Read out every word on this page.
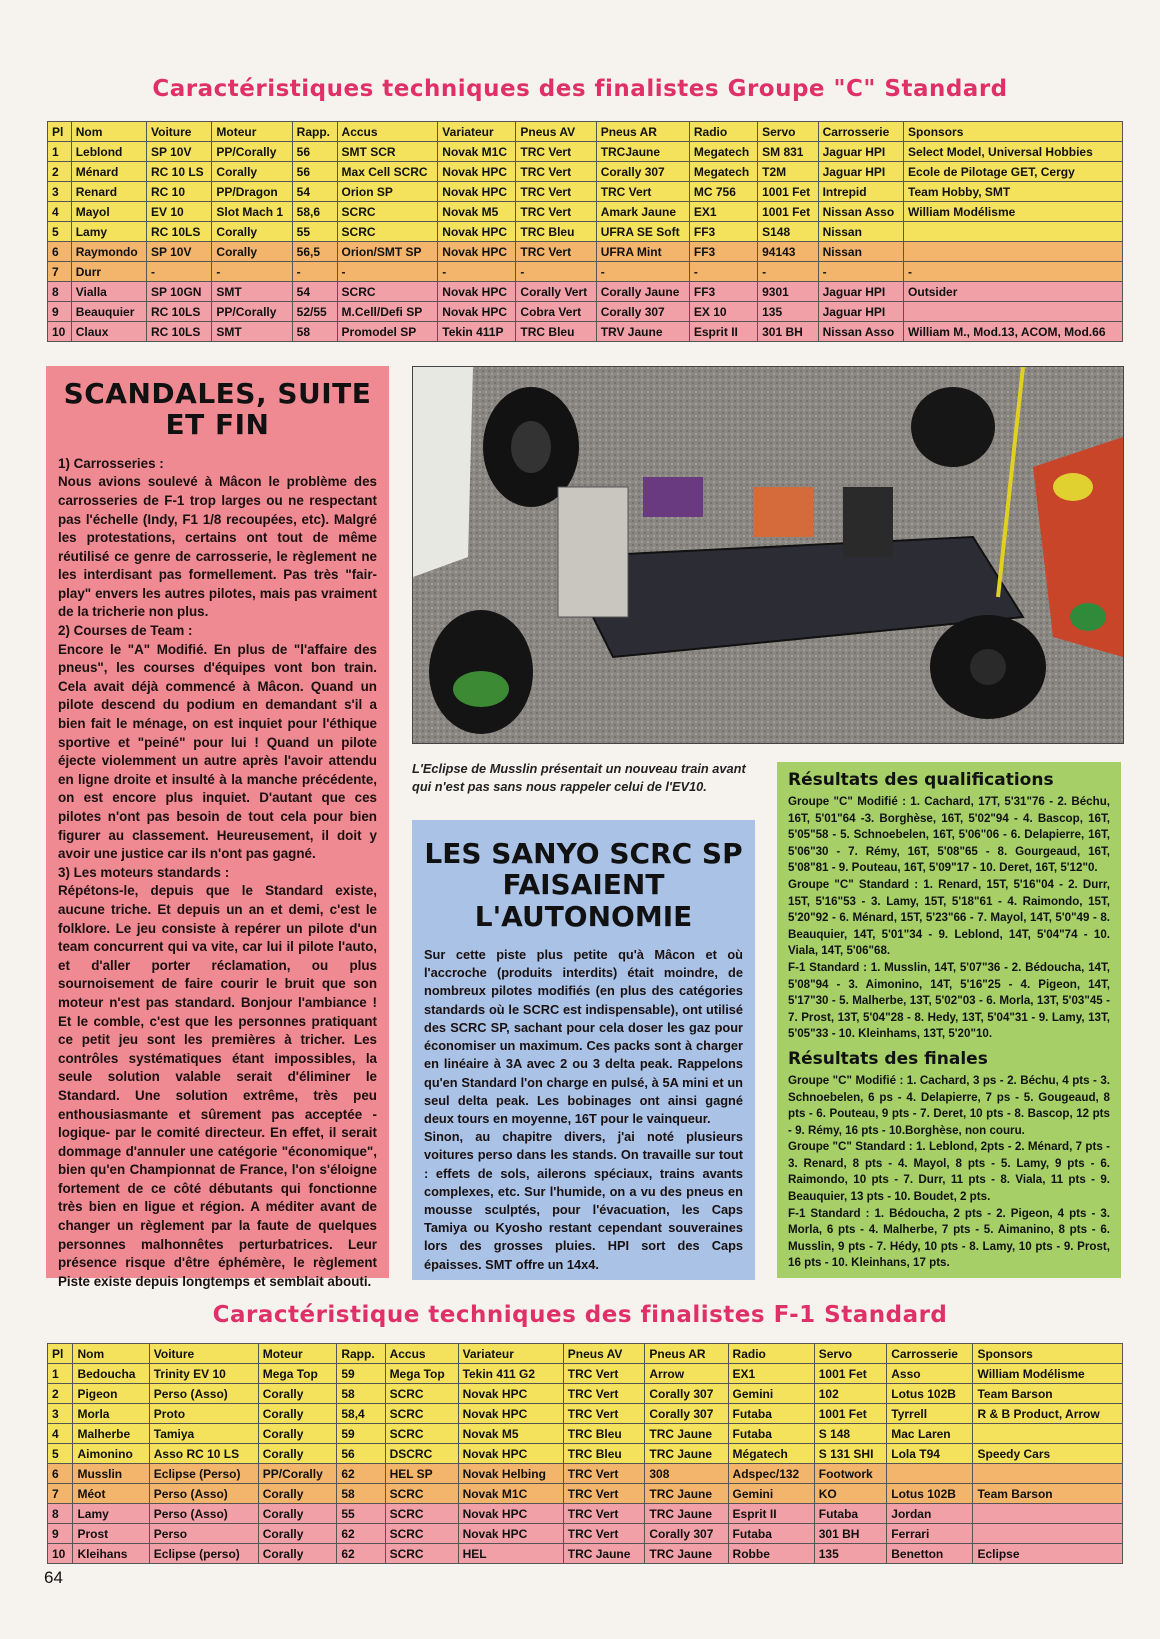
Caractéristiques techniques des finalistes Groupe "C" Standard
Pl	Nom	Voiture	Moteur	Rapp.	Accus	Variateur	Pneus AV	Pneus AR	Radio	Servo	Carrosserie	Sponsors
1	Leblond	SP 10V	PP/Corally	56	SMT SCR	Novak M1C	TRC Vert	TRCJaune	Megatech	SM 831	Jaguar HPI	Select Model, Universal Hobbies
2	Ménard	RC 10 LS	Corally	56	Max Cell SCRC	Novak HPC	TRC Vert	Corally 307	Megatech	T2M	Jaguar HPI	Ecole de Pilotage GET, Cergy
3	Renard	RC 10	PP/Dragon	54	Orion SP	Novak HPC	TRC Vert	TRC Vert	MC 756	1001 Fet	Intrepid	Team Hobby, SMT
4	Mayol	EV 10	Slot Mach 1	58,6	SCRC	Novak M5	TRC Vert	Amark Jaune	EX1	1001 Fet	Nissan Asso	William Modélisme
5	Lamy	RC 10LS	Corally	55	SCRC	Novak HPC	TRC Bleu	UFRA SE Soft	FF3	S148	Nissan	
6	Raymondo	SP 10V	Corally	56,5	Orion/SMT SP	Novak HPC	TRC Vert	UFRA Mint	FF3	94143	Nissan	
7	Durr	-	-	-	-	-	-	-	-	-	-	-
8	Vialla	SP 10GN	SMT	54	SCRC	Novak HPC	Corally Vert	Corally Jaune	FF3	9301	Jaguar HPI	Outsider
9	Beauquier	RC 10LS	PP/Corally	52/55	M.Cell/Defi SP	Novak HPC	Cobra Vert	Corally 307	EX 10	135	Jaguar HPI	
10	Claux	RC 10LS	SMT	58	Promodel SP	Tekin 411P	TRC Bleu	TRV Jaune	Esprit II	301 BH	Nissan Asso	William M., Mod.13, ACOM, Mod.66
SCANDALES, SUITE ET FIN

1) Carrosseries :

Nous avions soulevé à Mâcon le problème des carrosseries de F-1 trop larges ou ne respectant pas l'échelle (Indy, F1 1/8 recoupées, etc). Malgré les protestations, certains ont tout de même réutilisé ce genre de carrosserie, le règlement ne les interdisant pas formellement. Pas très "fair-play" envers les autres pilotes, mais pas vraiment de la tricherie non plus.

2) Courses de Team :

Encore le "A" Modifié. En plus de "l'affaire des pneus", les courses d'équipes vont bon train. Cela avait déjà commencé à Mâcon. Quand un pilote descend du podium en demandant s'il a bien fait le ménage, on est inquiet pour l'éthique sportive et "peiné" pour lui ! Quand un pilote éjecte violemment un autre après l'avoir attendu en ligne droite et insulté à la manche précédente, on est encore plus inquiet. D'autant que ces pilotes n'ont pas besoin de tout cela pour bien figurer au classement. Heureusement, il doit y avoir une justice car ils n'ont pas gagné.

3) Les moteurs standards :

Répétons-le, depuis que le Standard existe, aucune triche. Et depuis un an et demi, c'est le folklore. Le jeu consiste à repérer un pilote d'un team concurrent qui va vite, car lui il pilote l'auto, et d'aller porter réclamation, ou plus sournoisement de faire courir le bruit que son moteur n'est pas standard. Bonjour l'ambiance ! Et le comble, c'est que les personnes pratiquant ce petit jeu sont les premières à tricher. Les contrôles systématiques étant impossibles, la seule solution valable serait d'éliminer le Standard. Une solution extrême, très peu enthousiasmante et sûrement pas acceptée -logique- par le comité directeur. En effet, il serait dommage d'annuler une catégorie "économique", bien qu'en Championnat de France, l'on s'éloigne fortement de ce côté débutants qui fonctionne très bien en ligue et région. A méditer avant de changer un règlement par la faute de quelques personnes malhonnêtes perturbatrices. Leur présence risque d'être éphémère, le règlement Piste existe depuis longtemps et semblait abouti.

L'Eclipse de Musslin présentait un nouveau train avant qui n'est pas sans nous rappeler celui de l'EV10.
LES SANYO SCRC SP FAISAIENT L'AUTONOMIE

Sur cette piste plus petite qu'à Mâcon et où l'accroche (produits interdits) était moindre, de nombreux pilotes modifiés (en plus des catégories standards où le SCRC est indispensable), ont utilisé des SCRC SP, sachant pour cela doser les gaz pour économiser un maximum. Ces packs sont à charger en linéaire à 3A avec 2 ou 3 delta peak. Rappelons qu'en Standard l'on charge en pulsé, à 5A mini et un seul delta peak. Les bobinages ont ainsi gagné deux tours en moyenne, 16T pour le vainqueur.

Sinon, au chapitre divers, j'ai noté plusieurs voitures perso dans les stands. On travaille sur tout : effets de sols, ailerons spéciaux, trains avants complexes, etc. Sur l'humide, on a vu des pneus en mousse sculptés, pour l'évacuation, les Caps Tamiya ou Kyosho restant cependant souveraines lors des grosses pluies. HPI sort des Caps épaisses. SMT offre un 14x4.

Résultats des qualifications

Groupe "C" Modifié : 1. Cachard, 17T, 5'31"76 - 2. Béchu, 16T, 5'01"64 -3. Borghèse, 16T, 5'02"94 - 4. Bascop, 16T, 5'05"58 - 5. Schnoebelen, 16T, 5'06"06 - 6. Delapierre, 16T, 5'06"30 - 7. Rémy, 16T, 5'08"65 - 8. Gourgeaud, 16T, 5'08"81 - 9. Pouteau, 16T, 5'09"17 - 10. Deret, 16T, 5'12"0.

Groupe "C" Standard : 1. Renard, 15T, 5'16"04 - 2. Durr, 15T, 5'16"53 - 3. Lamy, 15T, 5'18"61 - 4. Raimondo, 15T, 5'20"92 - 6. Ménard, 15T, 5'23"66 - 7. Mayol, 14T, 5'0"49 - 8. Beauquier, 14T, 5'01"34 - 9. Leblond, 14T, 5'04"74 - 10. Viala, 14T, 5'06"68.

F-1 Standard : 1. Musslin, 14T, 5'07"36 - 2. Bédoucha, 14T, 5'08"94 - 3. Aimonino, 14T, 5'16"25 - 4. Pigeon, 14T, 5'17"30 - 5. Malherbe, 13T, 5'02"03 - 6. Morla, 13T, 5'03"45 - 7. Prost, 13T, 5'04"28 - 8. Hedy, 13T, 5'04"31 - 9. Lamy, 13T, 5'05"33 - 10. Kleinhams, 13T, 5'20"10.

Résultats des finales

Groupe "C" Modifié : 1. Cachard, 3 ps - 2. Béchu, 4 pts - 3. Schnoebelen, 6 ps - 4. Delapierre, 7 ps - 5. Gougeaud, 8 pts - 6. Pouteau, 9 pts - 7. Deret, 10 pts - 8. Bascop, 12 pts - 9. Rémy, 16 pts - 10.Borghèse, non couru.

Groupe "C" Standard : 1. Leblond, 2pts - 2. Ménard, 7 pts - 3. Renard, 8 pts - 4. Mayol, 8 pts - 5. Lamy, 9 pts - 6. Raimondo, 10 pts - 7. Durr, 11 pts - 8. Viala, 11 pts - 9. Beauquier, 13 pts - 10. Boudet, 2 pts.

F-1 Standard : 1. Bédoucha, 2 pts - 2. Pigeon, 4 pts - 3. Morla, 6 pts - 4. Malherbe, 7 pts - 5. Aimanino, 8 pts - 6. Musslin, 9 pts - 7. Hédy, 10 pts - 8. Lamy, 10 pts - 9. Prost, 16 pts - 10. Kleinhans, 17 pts.

Caractéristique techniques des finalistes F-1 Standard
Pl	Nom	Voiture	Moteur	Rapp.	Accus	Variateur	Pneus AV	Pneus AR	Radio	Servo	Carrosserie	Sponsors
1	Bedoucha	Trinity EV 10	Mega Top	59	Mega Top	Tekin 411 G2	TRC Vert	Arrow	EX1	1001 Fet	Asso	William Modélisme
2	Pigeon	Perso (Asso)	Corally	58	SCRC	Novak HPC	TRC Vert	Corally 307	Gemini	102	Lotus 102B	Team Barson
3	Morla	Proto	Corally	58,4	SCRC	Novak HPC	TRC Vert	Corally 307	Futaba	1001 Fet	Tyrrell	R & B Product, Arrow
4	Malherbe	Tamiya	Corally	59	SCRC	Novak M5	TRC Bleu	TRC Jaune	Futaba	S 148	Mac Laren	
5	Aimonino	Asso RC 10 LS	Corally	56	DSCRC	Novak HPC	TRC Bleu	TRC Jaune	Mégatech	S 131 SHI	Lola T94	Speedy Cars
6	Musslin	Eclipse (Perso)	PP/Corally	62	HEL SP	Novak Helbing	TRC Vert	308	Adspec/132	Footwork		
7	Méot	Perso (Asso)	Corally	58	SCRC	Novak M1C	TRC Vert	TRC Jaune	Gemini	KO	Lotus 102B	Team Barson
8	Lamy	Perso (Asso)	Corally	55	SCRC	Novak HPC	TRC Vert	TRC Jaune	Esprit II	Futaba	Jordan	
9	Prost	Perso	Corally	62	SCRC	Novak HPC	TRC Vert	Corally 307	Futaba	301 BH	Ferrari	
10	Kleihans	Eclipse (perso)	Corally	62	SCRC	HEL	TRC Jaune	TRC Jaune	Robbe	135	Benetton	Eclipse
64
